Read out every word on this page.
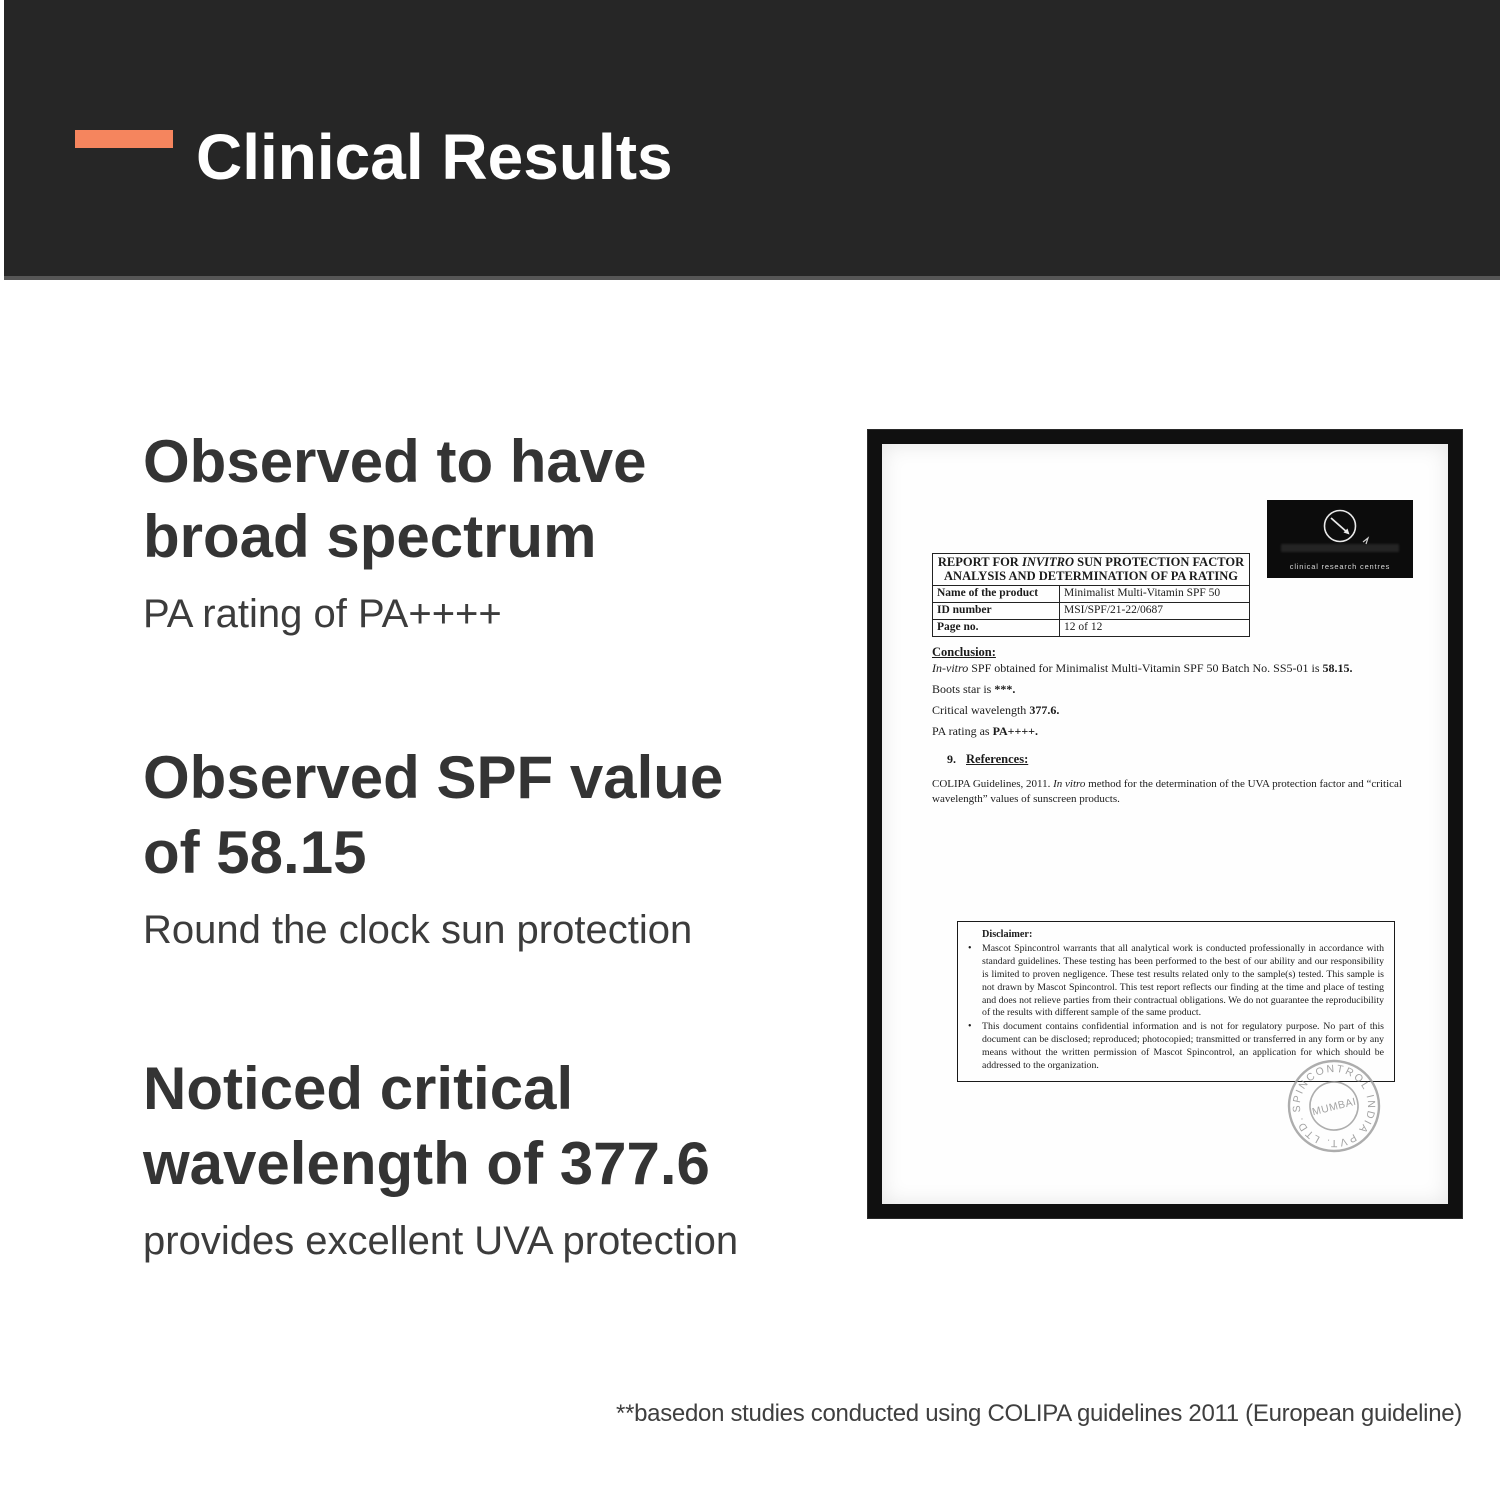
Clinical Results
Observed to have
broad spectrum

PA rating of PA++++

Observed SPF value
of 58.15

Round the clock sun protection

Noticed critical
wavelength of 377.6

provides excellent UVA protection

clinical research centres
REPORT FOR INVITRO SUN PROTECTION FACTOR ANALYSIS AND DETERMINATION OF PA RATING	
Name of the product	Minimalist Multi-Vitamin SPF 50
ID number	MSI/SPF/21-22/0687
Page no.	12 of 12
Conclusion:

In-vitro SPF obtained for Minimalist Multi-Vitamin SPF 50 Batch No. SS5-01 is 58.15.

Boots star is ***.

Critical wavelength 377.6.

PA rating as PA++++.

9. References:

COLIPA Guidelines, 2011. In vitro method for the determination of the UVA protection factor and “critical wavelength” values of sunscreen products.

Disclaimer:
•	Mascot Spincontrol warrants that all analytical work is conducted professionally in accordance with standard guidelines. These testing has been performed to the best of our ability and our responsibility is limited to proven negligence. These test results related only to the sample(s) tested. This sample is not drawn by Mascot Spincontrol. This test report reflects our finding at the time and place of testing and does not relieve parties from their contractual obligations. We do not guarantee the reproducibility of the results with different sample of the same product.

•	This document contains confidential information and is not for regulatory purpose. No part of this document can be disclosed; reproduced; photocopied; transmitted or transferred in any form or by any means without the written permission of Mascot Spincontrol, an application for which should be addressed to the organization.

SPINCONTROL INDIA PVT. LTD.
MUMBAI

**basedon studies conducted using COLIPA guidelines 2011 (European guideline)
